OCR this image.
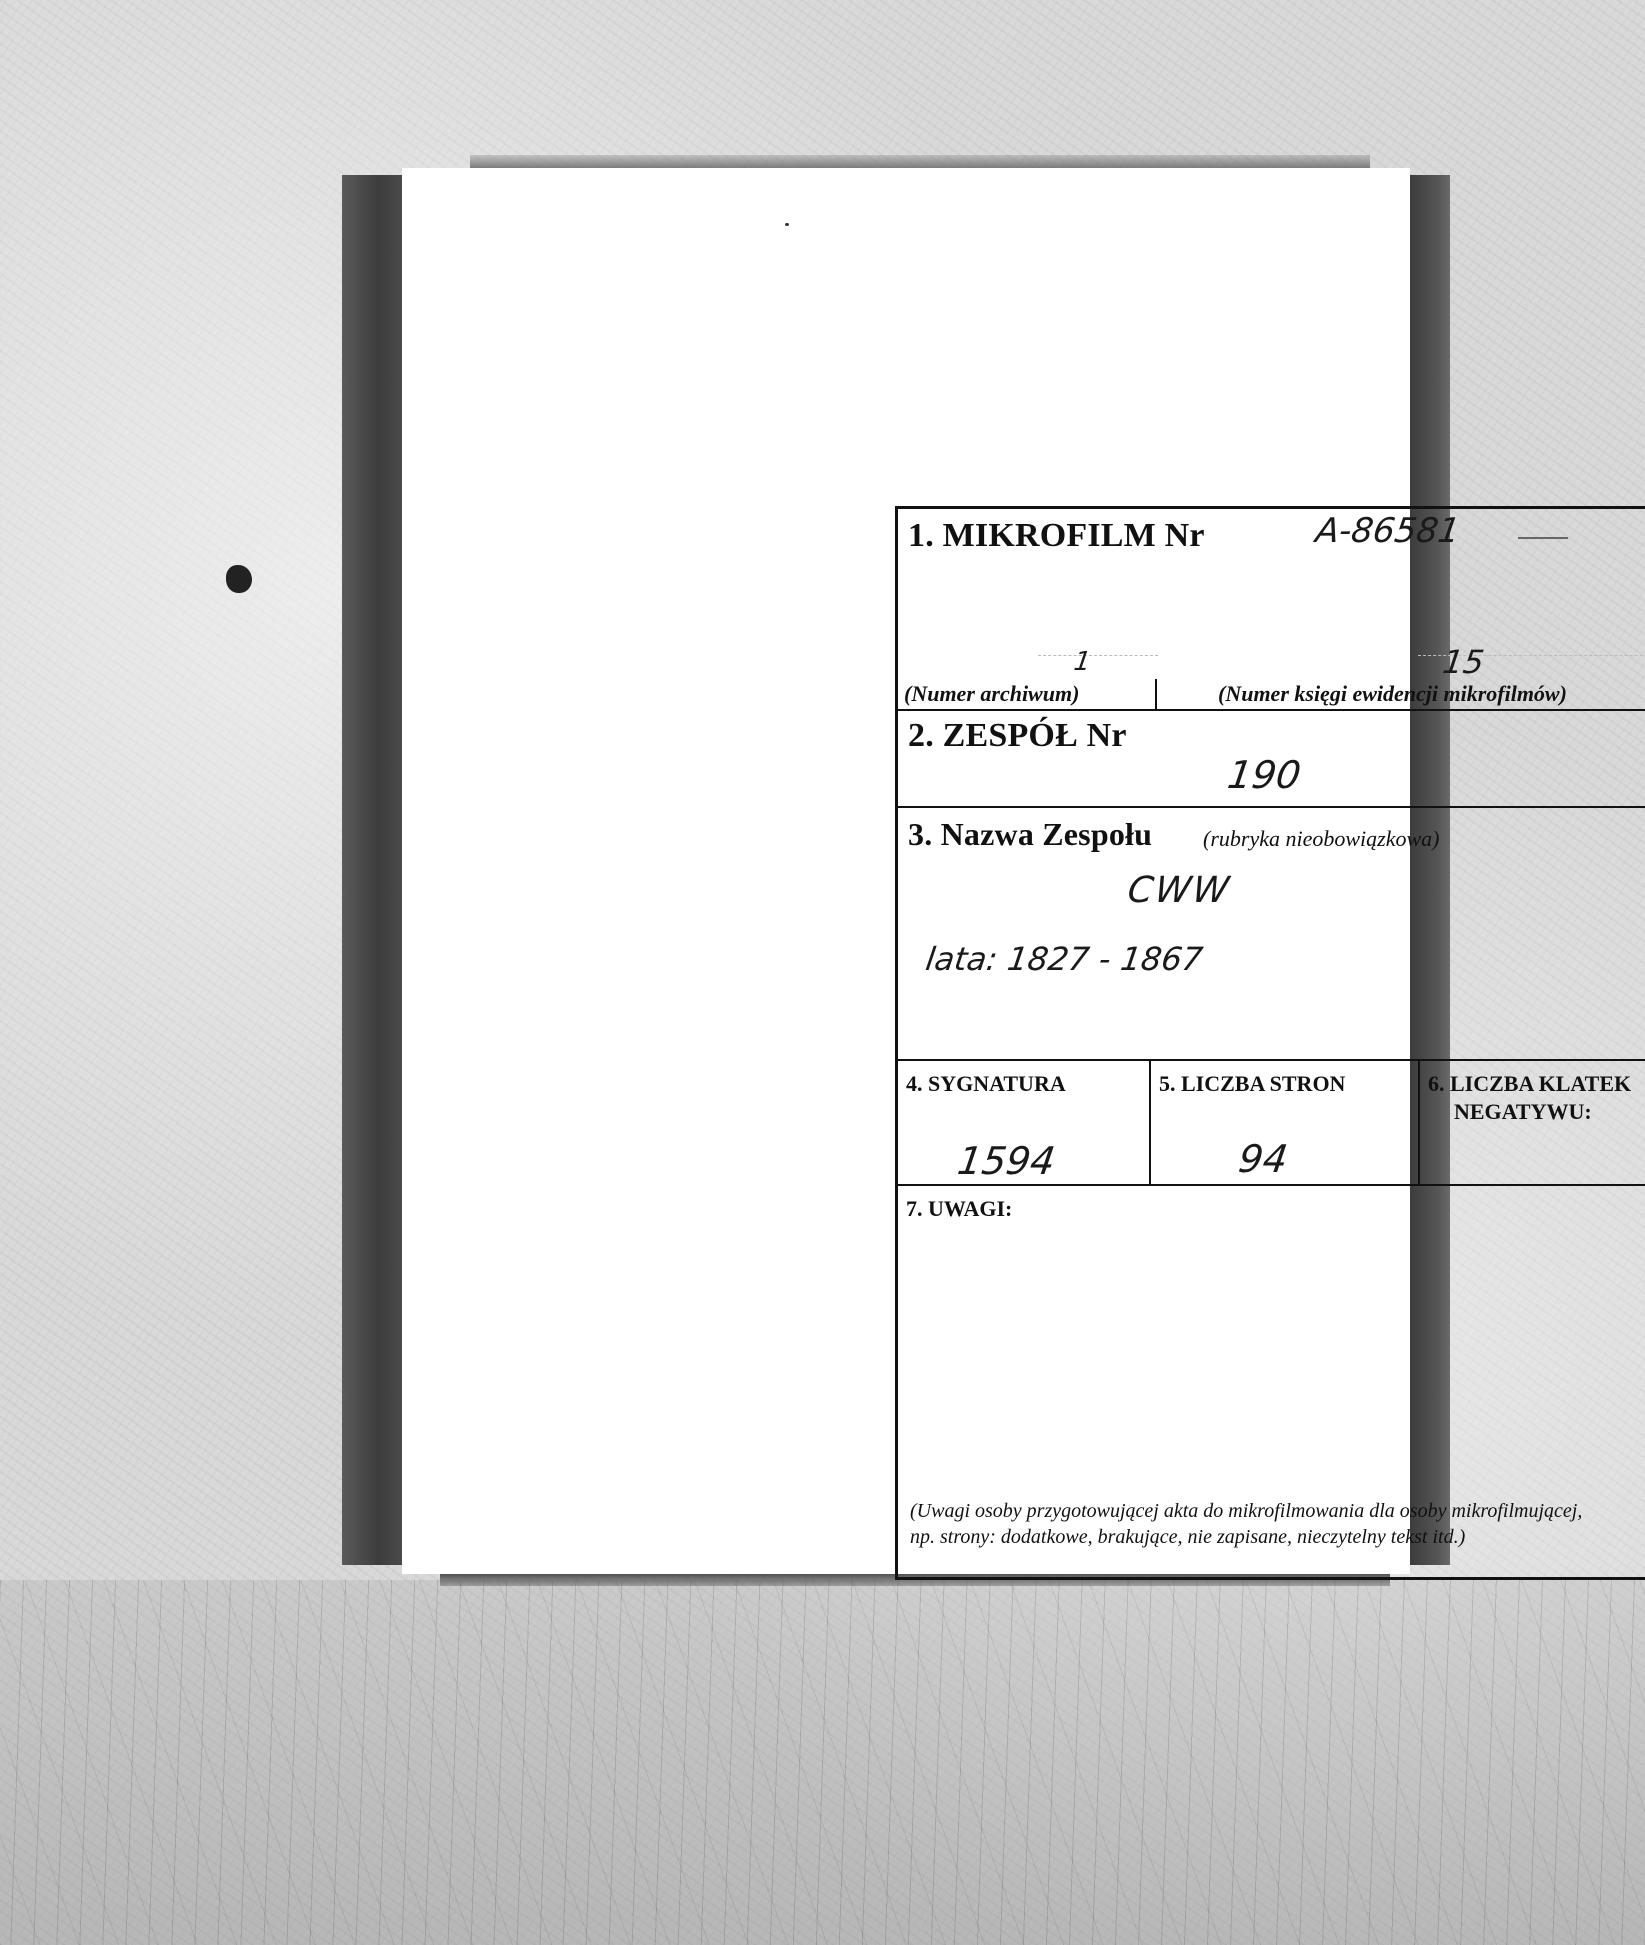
1. MIKROFILM Nr	A-86581
1	15
(Numer archiwum)	(Numer księgi ewidencji mikrofilmów)
2. ZESPÓŁ Nr
190
3. Nazwa Zespołu (rubryka nieobowiązkowa)
CWW
lata: 1827 - 1867
4. SYGNATURA
1594
5. LICZBA STRON
94
6. LICZBA KLATEK
NEGATYWU:
7. UWAGI:
(Uwagi osoby przygotowującej akta do mikrofilmowania dla osoby mikrofilmującej,
np. strony: dodatkowe, brakujące, nie zapisane, nieczytelny tekst itd.)
